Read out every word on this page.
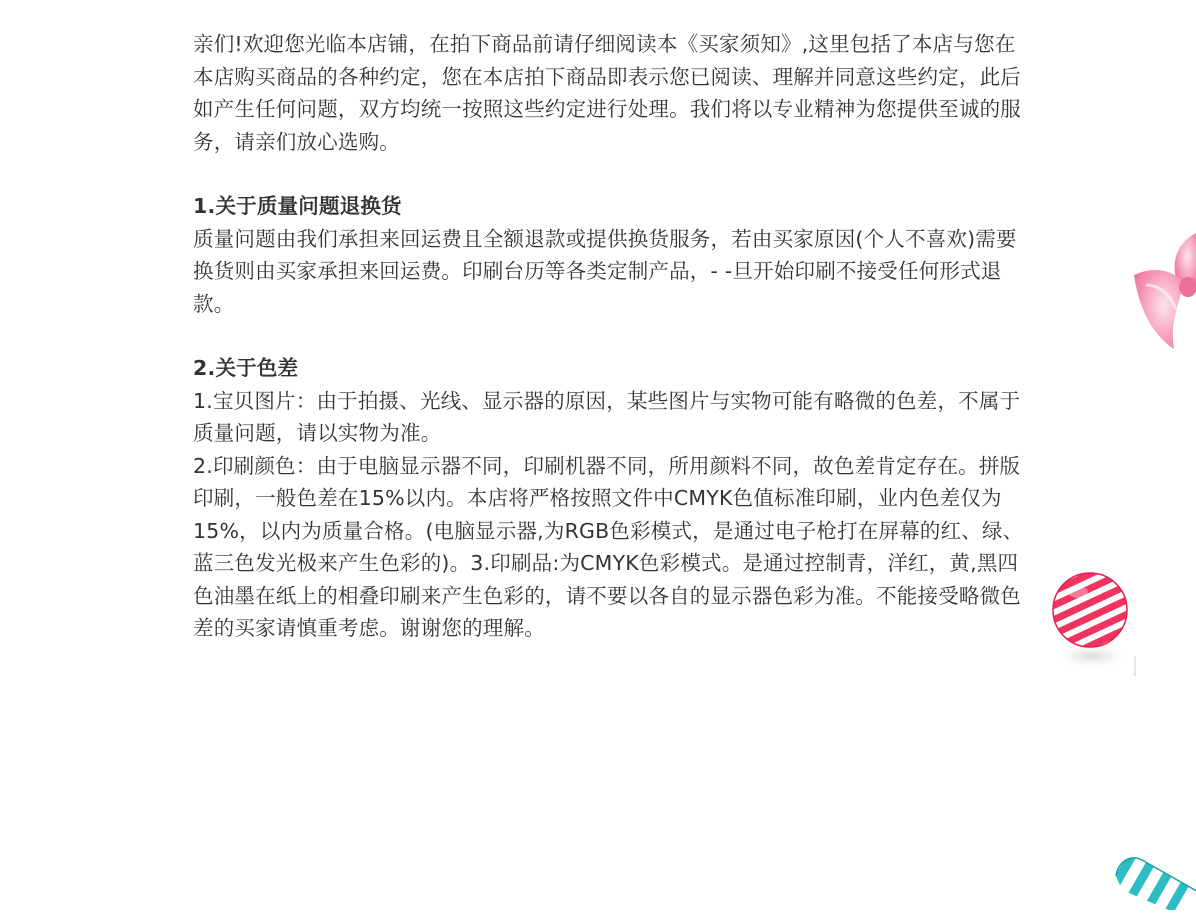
亲们!欢迎您光临本店铺，在拍下商品前请仔细阅读本《买家须知》,这里包括了本店与您在本店购买商品的各种约定，您在本店拍下商品即表示您已阅读、理解并同意这些约定，此后如产生任何问题，双方均统一按照这些约定进行处理。我们将以专业精神为您提供至诚的服务，请亲们放心选购。

1.关于质量问题退换货

质量问题由我们承担来回运费且全额退款或提供换货服务，若由买家原因(个人不喜欢)需要换货则由买家承担来回运费。印刷台历等各类定制产品，- -旦开始印刷不接受任何形式退款。

2.关于色差

1.宝贝图片：由于拍摄、光线、显示器的原因，某些图片与实物可能有略微的色差，不属于质量问题，请以实物为准。

2.印刷颜色：由于电脑显示器不同，印刷机器不同，所用颜料不同，故色差肯定存在。拼版印刷，一般色差在15%以内。本店将严格按照文件中CMYK色值标准印刷，业内色差仅为15%，以内为质量合格。(电脑显示器,为RGB色彩模式，是通过电子枪打在屏幕的红、绿、蓝三色发光极来产生色彩的)。3.印刷品:为CMYK色彩模式。是通过控制青，洋红，黄,黑四色油墨在纸上的相叠印刷来产生色彩的，请不要以各自的显示器色彩为准。不能接受略微色差的买家请慎重考虑。谢谢您的理解。
